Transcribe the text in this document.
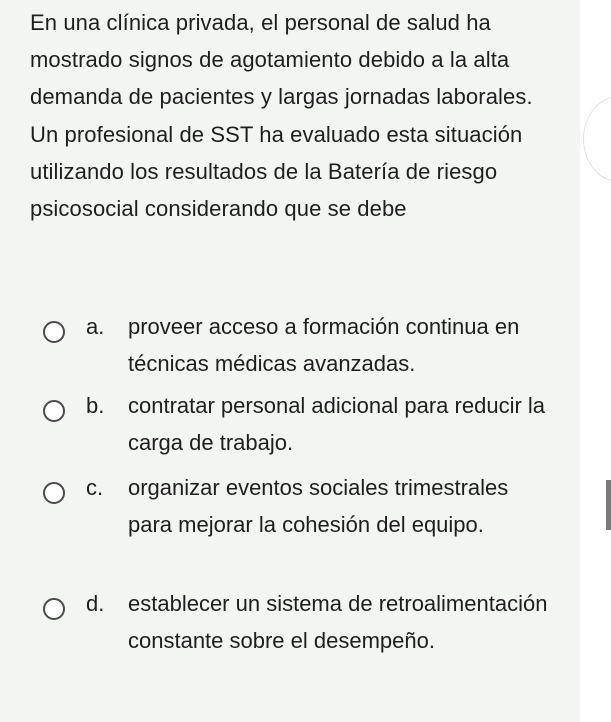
En una clínica privada, el personal de salud ha mostrado signos de agotamiento debido a la alta demanda de pacientes y largas jornadas laborales. Un profesional de SST ha evaluado esta situación utilizando los resultados de la Batería de riesgo psicosocial considerando que se debe

a. proveer acceso a formación continua en técnicas médicas avanzadas.

b. contratar personal adicional para reducir la carga de trabajo.

c. organizar eventos sociales trimestrales para mejorar la cohesión del equipo.

d. establecer un sistema de retroalimentación constante sobre el desempeño.
